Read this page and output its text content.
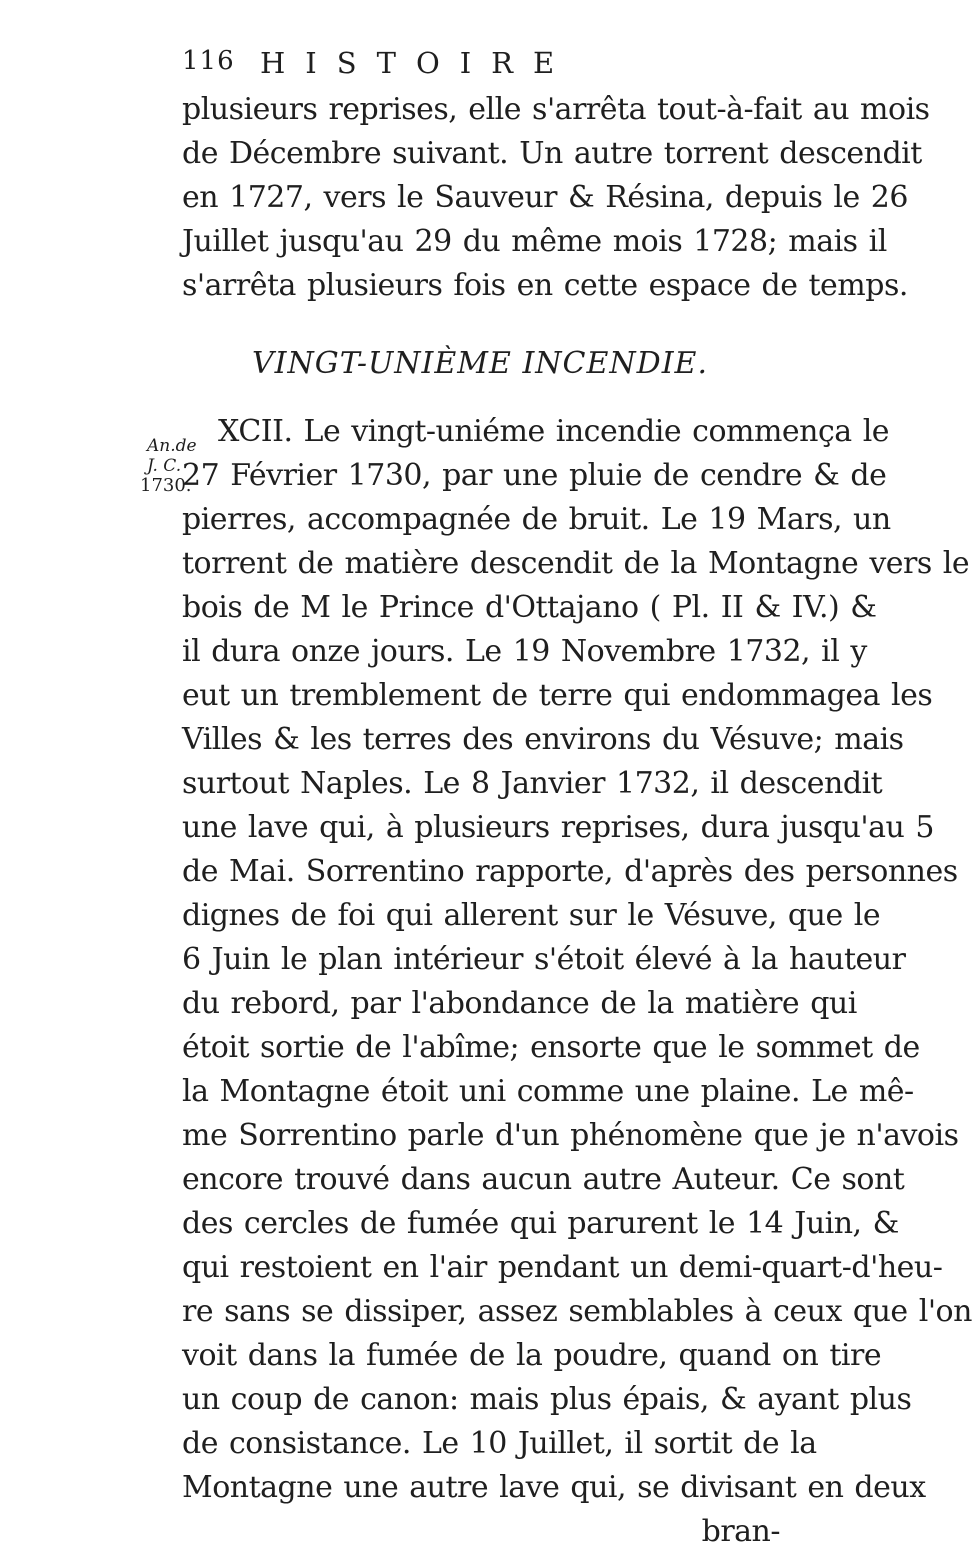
116 HISTOIRE
plusieurs reprises, elle s'arrêta tout-à-fait au mois
de Décembre suivant. Un autre torrent descendit
en 1727, vers le Sauveur & Résina, depuis le 26
Juillet jusqu'au 29 du même mois 1728; mais il
s'arrêta plusieurs fois en cette espace de temps.
VINGT-UNIÈME INCENDIE.
An.de
J. C.
1730.
XCII. Le vingt-uniéme incendie commença le
27 Février 1730, par une pluie de cendre & de
pierres, accompagnée de bruit. Le 19 Mars, un
torrent de matière descendit de la Montagne vers le
bois de M le Prince d'Ottajano ( Pl. II & IV.) &
il dura onze jours. Le 19 Novembre 1732, il y
eut un tremblement de terre qui endommagea les
Villes & les terres des environs du Vésuve; mais
surtout Naples. Le 8 Janvier 1732, il descendit
une lave qui, à plusieurs reprises, dura jusqu'au 5
de Mai. Sorrentino rapporte, d'après des personnes
dignes de foi qui allerent sur le Vésuve, que le
6 Juin le plan intérieur s'étoit élevé à la hauteur
du rebord, par l'abondance de la matière qui
étoit sortie de l'abîme; ensorte que le sommet de
la Montagne étoit uni comme une plaine. Le mê-
me Sorrentino parle d'un phénomène que je n'avois
encore trouvé dans aucun autre Auteur. Ce sont
des cercles de fumée qui parurent le 14 Juin, &
qui restoient en l'air pendant un demi-quart-d'heu-
re sans se dissiper, assez semblables à ceux que l'on
voit dans la fumée de la poudre, quand on tire
un coup de canon: mais plus épais, & ayant plus
de consistance. Le 10 Juillet, il sortit de la
Montagne une autre lave qui, se divisant en deux
bran-
